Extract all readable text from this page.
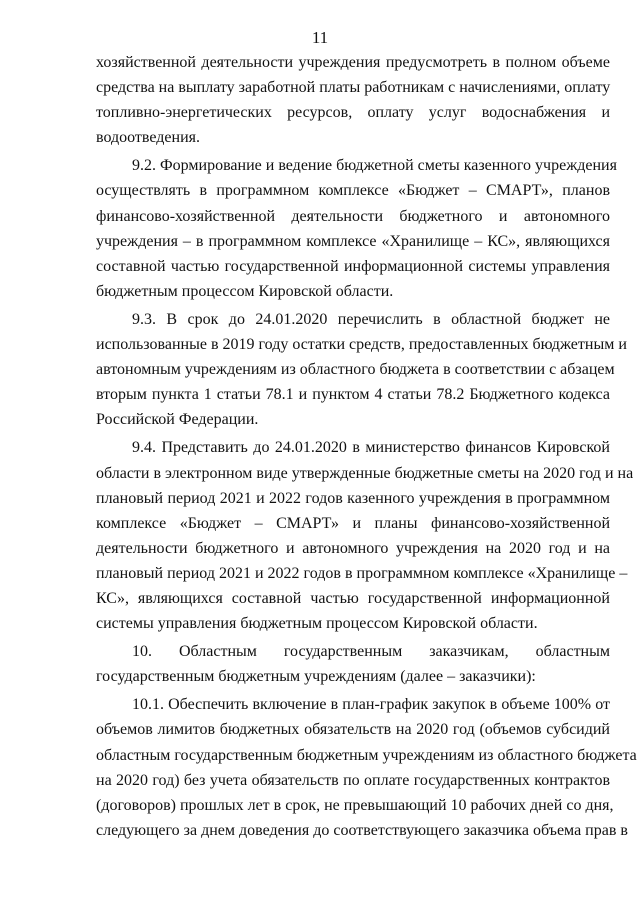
11
хозяйственной деятельности учреждения предусмотреть в полном объеме
средства на выплату заработной платы работникам с начислениями, оплату
топливно-энергетических ресурсов, оплату услуг водоснабжения и
водоотведения.
9.2. Формирование и ведение бюджетной сметы казенного учреждения
осуществлять в программном комплексе «Бюджет – СМАРТ», планов
финансово-хозяйственной деятельности бюджетного и автономного
учреждения – в программном комплексе «Хранилище – КС», являющихся
составной частью государственной информационной системы управления
бюджетным процессом Кировской области.
9.3. В срок до 24.01.2020 перечислить в областной бюджет не
использованные в 2019 году остатки средств, предоставленных бюджетным и
автономным учреждениям из областного бюджета в соответствии с абзацем
вторым пункта 1 статьи 78.1 и пунктом 4 статьи 78.2 Бюджетного кодекса
Российской Федерации.
9.4. Представить до 24.01.2020 в министерство финансов Кировской
области в электронном виде утвержденные бюджетные сметы на 2020 год и на
плановый период 2021 и 2022 годов казенного учреждения в программном
комплексе «Бюджет – СМАРТ» и планы финансово-хозяйственной
деятельности бюджетного и автономного учреждения на 2020 год и на
плановый период 2021 и 2022 годов в программном комплексе «Хранилище –
КС», являющихся составной частью государственной информационной
системы управления бюджетным процессом Кировской области.
10. Областным государственным заказчикам, областным
государственным бюджетным учреждениям (далее – заказчики):
10.1. Обеспечить включение в план-график закупок в объеме 100% от
объемов лимитов бюджетных обязательств на 2020 год (объемов субсидий
областным государственным бюджетным учреждениям из областного бюджета
на 2020 год) без учета обязательств по оплате государственных контрактов
(договоров) прошлых лет в срок, не превышающий 10 рабочих дней со дня,
следующего за днем доведения до соответствующего заказчика объема прав в
